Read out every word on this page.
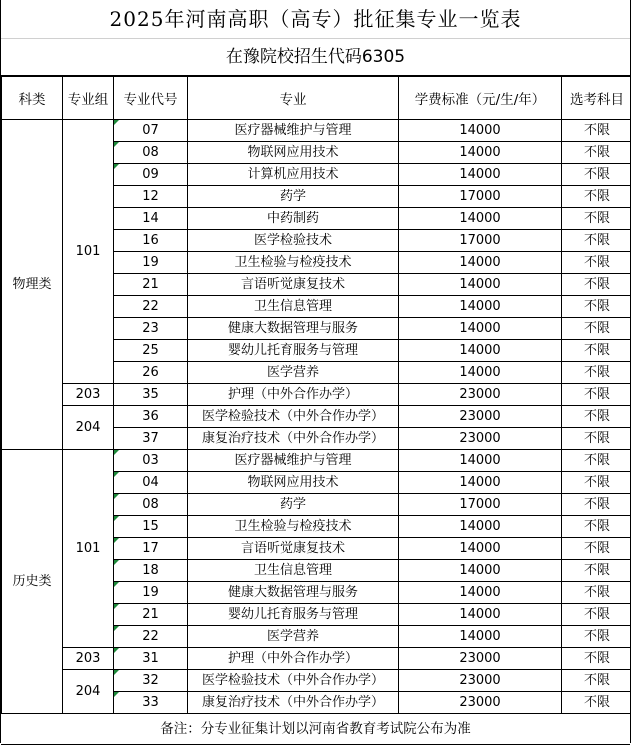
2025年河南高职（高专）批征集专业一览表
在豫院校招生代码6305
科类	专业组	专业代号	专业	学费标准（元/生/年）	选考科目
物理类	101	07	医疗器械维护与管理	14000	不限
		08	物联网应用技术	14000	不限
		09	计算机应用技术	14000	不限
		12	药学	17000	不限
		14	中药制药	14000	不限
		16	医学检验技术	17000	不限
		19	卫生检验与检疫技术	14000	不限
		21	言语听觉康复技术	14000	不限
		22	卫生信息管理	14000	不限
		23	健康大数据管理与服务	14000	不限
		25	婴幼儿托育服务与管理	14000	不限
		26	医学营养	14000	不限
	203	35	护理（中外合作办学）	23000	不限
	204	36	医学检验技术（中外合作办学）	23000	不限
		37	康复治疗技术（中外合作办学）	23000	不限
历史类	101	03	医疗器械维护与管理	14000	不限
		04	物联网应用技术	14000	不限
		08	药学	17000	不限
		15	卫生检验与检疫技术	14000	不限
		17	言语听觉康复技术	14000	不限
		18	卫生信息管理	14000	不限
		19	健康大数据管理与服务	14000	不限
		21	婴幼儿托育服务与管理	14000	不限
		22	医学营养	14000	不限
	203	31	护理（中外合作办学）	23000	不限
	204	32	医学检验技术（中外合作办学）	23000	不限
		33	康复治疗技术（中外合作办学）	23000	不限
备注：分专业征集计划以河南省教育考试院公布为准
